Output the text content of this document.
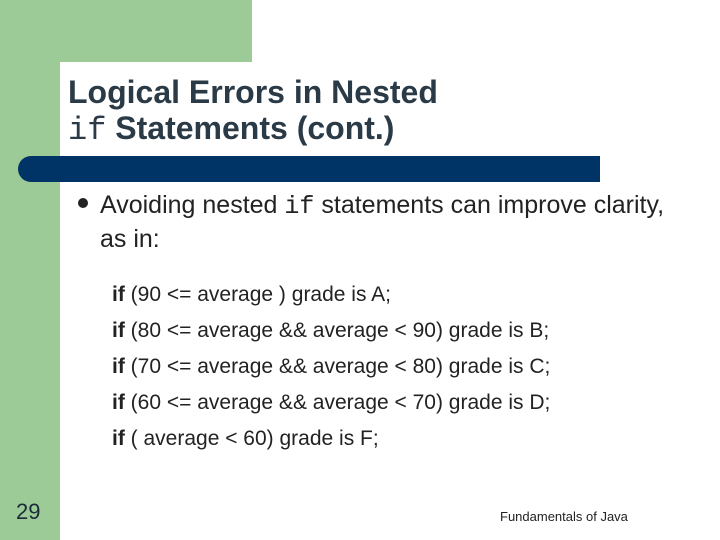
Logical Errors in Nested
if Statements (cont.)
Avoiding nested if statements can improve clarity, as in:
if (90 <= average ) grade is A;
if (80 <= average && average < 90) grade is B;
if (70 <= average && average < 80) grade is C;
if (60 <= average && average < 70) grade is D;
if ( average < 60) grade is F;
29	Fundamentals of Java
